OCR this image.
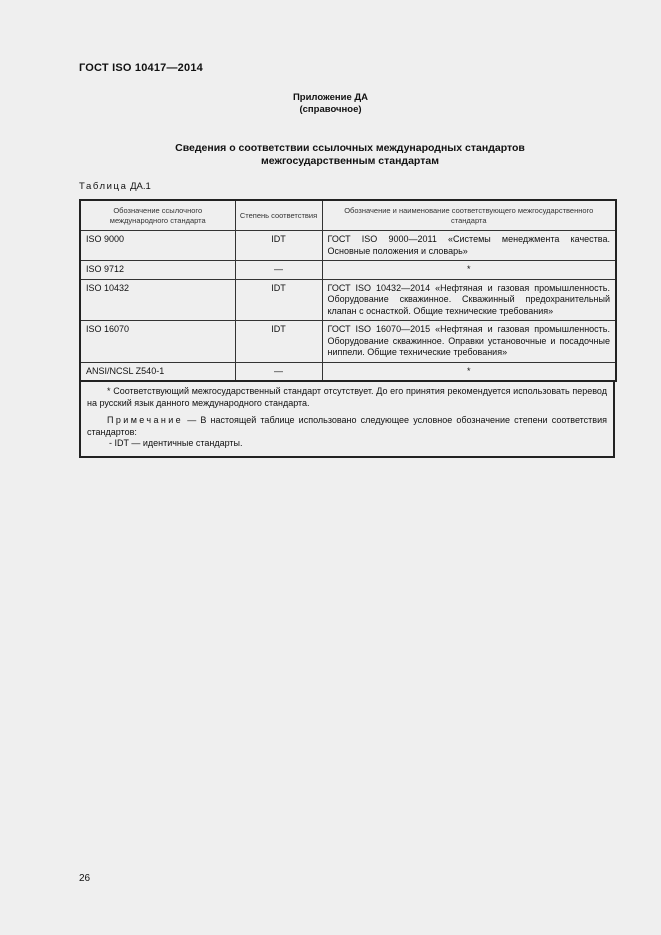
ГОСТ ISO 10417—2014
Приложение ДА
(справочное)
Сведения о соответствии ссылочных международных стандартов
межгосударственным стандартам
Таблица ДА.1
Обозначение ссылочного международного стандарта	Степень соответствия	Обозначение и наименование соответствующего межгосударственного стандарта
ISO 9000	IDT	ГОСТ ISO 9000—2011 «Системы менеджмента качества. Основные положения и словарь»
ISO 9712	—	*
ISO 10432	IDT	ГОСТ ISO 10432—2014 «Нефтяная и газовая промышленность. Оборудование скважинное. Скважинный предохранительный клапан с оснасткой. Общие технические требования»
ISO 16070	IDT	ГОСТ ISO 16070—2015 «Нефтяная и газовая промышленность. Оборудование скважинное. Оправки установочные и посадочные ниппели. Общие технические требования»
ANSI/NCSL Z540-1	—	*

* Соответствующий межгосударственный стандарт отсутствует. До его принятия рекомендуется использовать перевод на русский язык данного международного стандарта.

Примечание — В настоящей таблице использовано следующее условное обозначение степени соответствия стандартов:

- IDT — идентичные стандарты.

26
